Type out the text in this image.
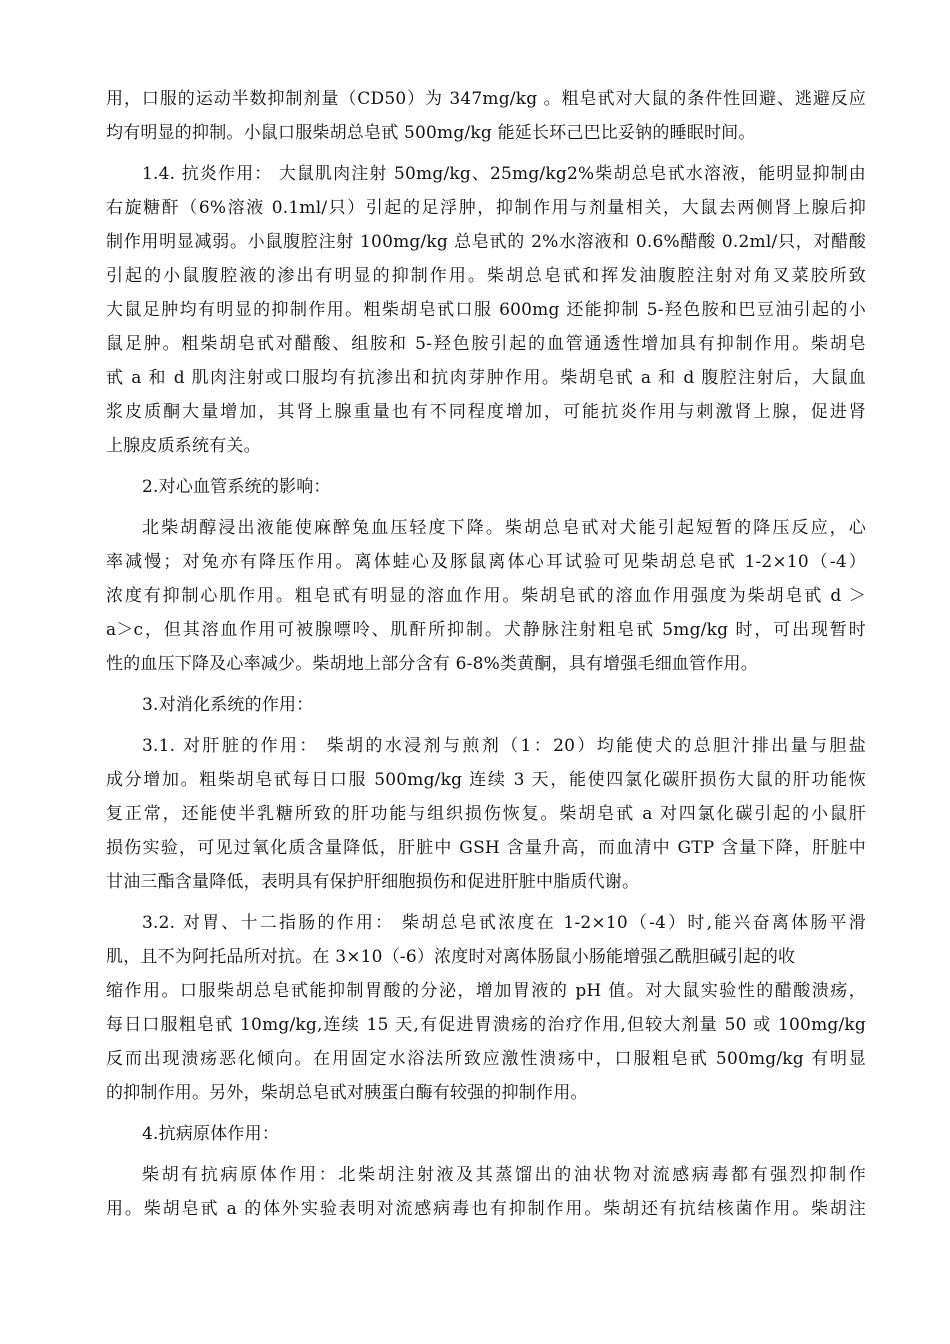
用，口服的运动半数抑制剂量（CD50）为 347mg/kg 。粗皂甙对大鼠的条件性回避、逃避反应
均有明显的抑制。小鼠口服柴胡总皂甙 500mg/kg 能延长环己巴比妥钠的睡眠时间。
1.4. 抗炎作用： 大鼠肌肉注射 50mg/kg、25mg/kg2%柴胡总皂甙水溶液，能明显抑制由
右旋糖酐（6%溶液 0.1ml/只）引起的足浮肿，抑制作用与剂量相关，大鼠去两侧肾上腺后抑
制作用明显减弱。小鼠腹腔注射 100mg/kg 总皂甙的 2%水溶液和 0.6%醋酸 0.2ml/只，对醋酸
引起的小鼠腹腔液的渗出有明显的抑制作用。柴胡总皂甙和挥发油腹腔注射对角叉菜胶所致
大鼠足肿均有明显的抑制作用。粗柴胡皂甙口服 600mg 还能抑制 5-羟色胺和巴豆油引起的小
鼠足肿。粗柴胡皂甙对醋酸、组胺和 5-羟色胺引起的血管通透性增加具有抑制作用。柴胡皂
甙 a 和 d 肌肉注射或口服均有抗渗出和抗肉芽肿作用。柴胡皂甙 a 和 d 腹腔注射后，大鼠血
浆皮质酮大量增加，其肾上腺重量也有不同程度增加，可能抗炎作用与刺激肾上腺，促进肾
上腺皮质系统有关。
2.对心血管系统的影响：
北柴胡醇浸出液能使麻醉兔血压轻度下降。柴胡总皂甙对犬能引起短暂的降压反应，心
率减慢；对兔亦有降压作用。离体蛙心及豚鼠离体心耳试验可见柴胡总皂甙 1-2×10（-4）
浓度有抑制心肌作用。粗皂甙有明显的溶血作用。柴胡皂甙的溶血作用强度为柴胡皂甙 d ＞
a＞c，但其溶血作用可被腺嘌呤、肌酐所抑制。犬静脉注射粗皂甙 5mg/kg 时，可出现暂时
性的血压下降及心率减少。柴胡地上部分含有 6-8%类黄酮，具有增强毛细血管作用。
3.对消化系统的作用：
3.1. 对肝脏的作用： 柴胡的水浸剂与煎剂（1：20）均能使犬的总胆汁排出量与胆盐
成分增加。粗柴胡皂甙每日口服 500mg/kg 连续 3 天，能使四氯化碳肝损伤大鼠的肝功能恢
复正常，还能使半乳糖所致的肝功能与组织损伤恢复。柴胡皂甙 a 对四氯化碳引起的小鼠肝
损伤实验，可见过氧化质含量降低，肝脏中 GSH 含量升高，而血清中 GTP 含量下降，肝脏中
甘油三酯含量降低，表明具有保护肝细胞损伤和促进肝脏中脂质代谢。
3.2. 对胃、十二指肠的作用： 柴胡总皂甙浓度在 1-2×10（-4）时,能兴奋离体肠平滑
肌，且不为阿托品所对抗。在 3×10（-6）浓度时对离体肠鼠小肠能增强乙酰胆碱引起的收
缩作用。口服柴胡总皂甙能抑制胃酸的分泌，增加胃液的 pH 值。对大鼠实验性的醋酸溃疡，
每日口服粗皂甙 10mg/kg,连续 15 天,有促进胃溃疡的治疗作用,但较大剂量 50 或 100mg/kg
反而出现溃疡恶化倾向。在用固定水浴法所致应激性溃疡中，口服粗皂甙 500mg/kg 有明显
的抑制作用。另外，柴胡总皂甙对胰蛋白酶有较强的抑制作用。
4.抗病原体作用：
柴胡有抗病原体作用：北柴胡注射液及其蒸馏出的油状物对流感病毒都有强烈抑制作
用。柴胡皂甙 a 的体外实验表明对流感病毒也有抑制作用。柴胡还有抗结核菌作用。柴胡注
